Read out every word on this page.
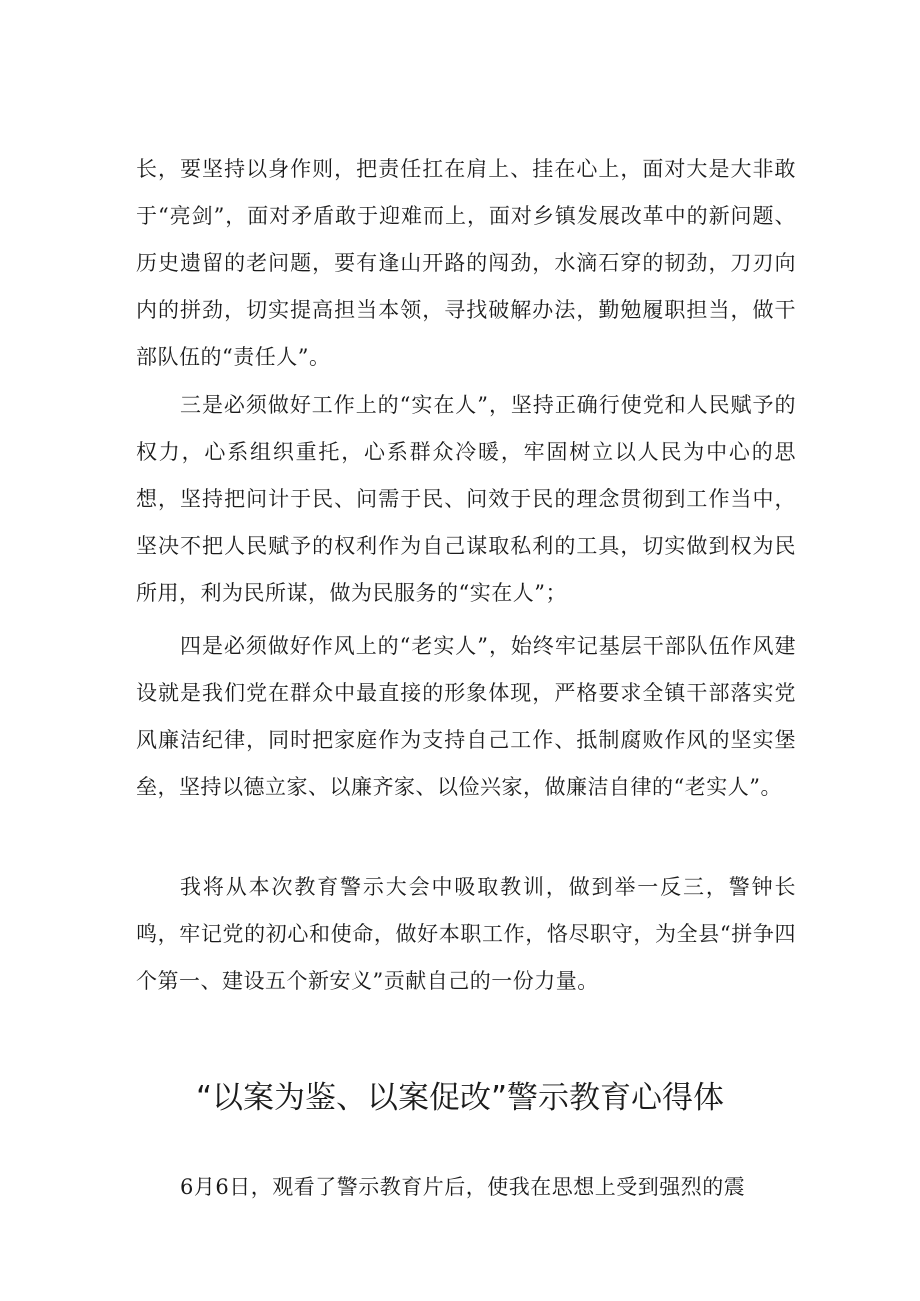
长，要坚持以身作则，把责任扛在肩上、挂在心上，面对大是大非敢于“亮剑”，面对矛盾敢于迎难而上，面对乡镇发展改革中的新问题、历史遗留的老问题，要有逢山开路的闯劲，水滴石穿的韧劲，刀刃向内的拼劲，切实提高担当本领，寻找破解办法，勤勉履职担当，做干部队伍的“责任人”。

三是必须做好工作上的“实在人”，坚持正确行使党和人民赋予的权力，心系组织重托，心系群众冷暖，牢固树立以人民为中心的思想，坚持把问计于民、问需于民、问效于民的理念贯彻到工作当中，坚决不把人民赋予的权利作为自己谋取私利的工具，切实做到权为民所用，利为民所谋，做为民服务的“实在人”；

四是必须做好作风上的“老实人”，始终牢记基层干部队伍作风建设就是我们党在群众中最直接的形象体现，严格要求全镇干部落实党风廉洁纪律，同时把家庭作为支持自己工作、抵制腐败作风的坚实堡垒，坚持以德立家、以廉齐家、以俭兴家，做廉洁自律的“老实人”。

我将从本次教育警示大会中吸取教训，做到举一反三，警钟长鸣，牢记党的初心和使命，做好本职工作，恪尽职守，为全县“拼争四个第一、建设五个新安义”贡献自己的一份力量。

“以案为鉴、以案促改”警示教育心得体

6月6日，观看了警示教育片后，使我在思想上受到强烈的震
